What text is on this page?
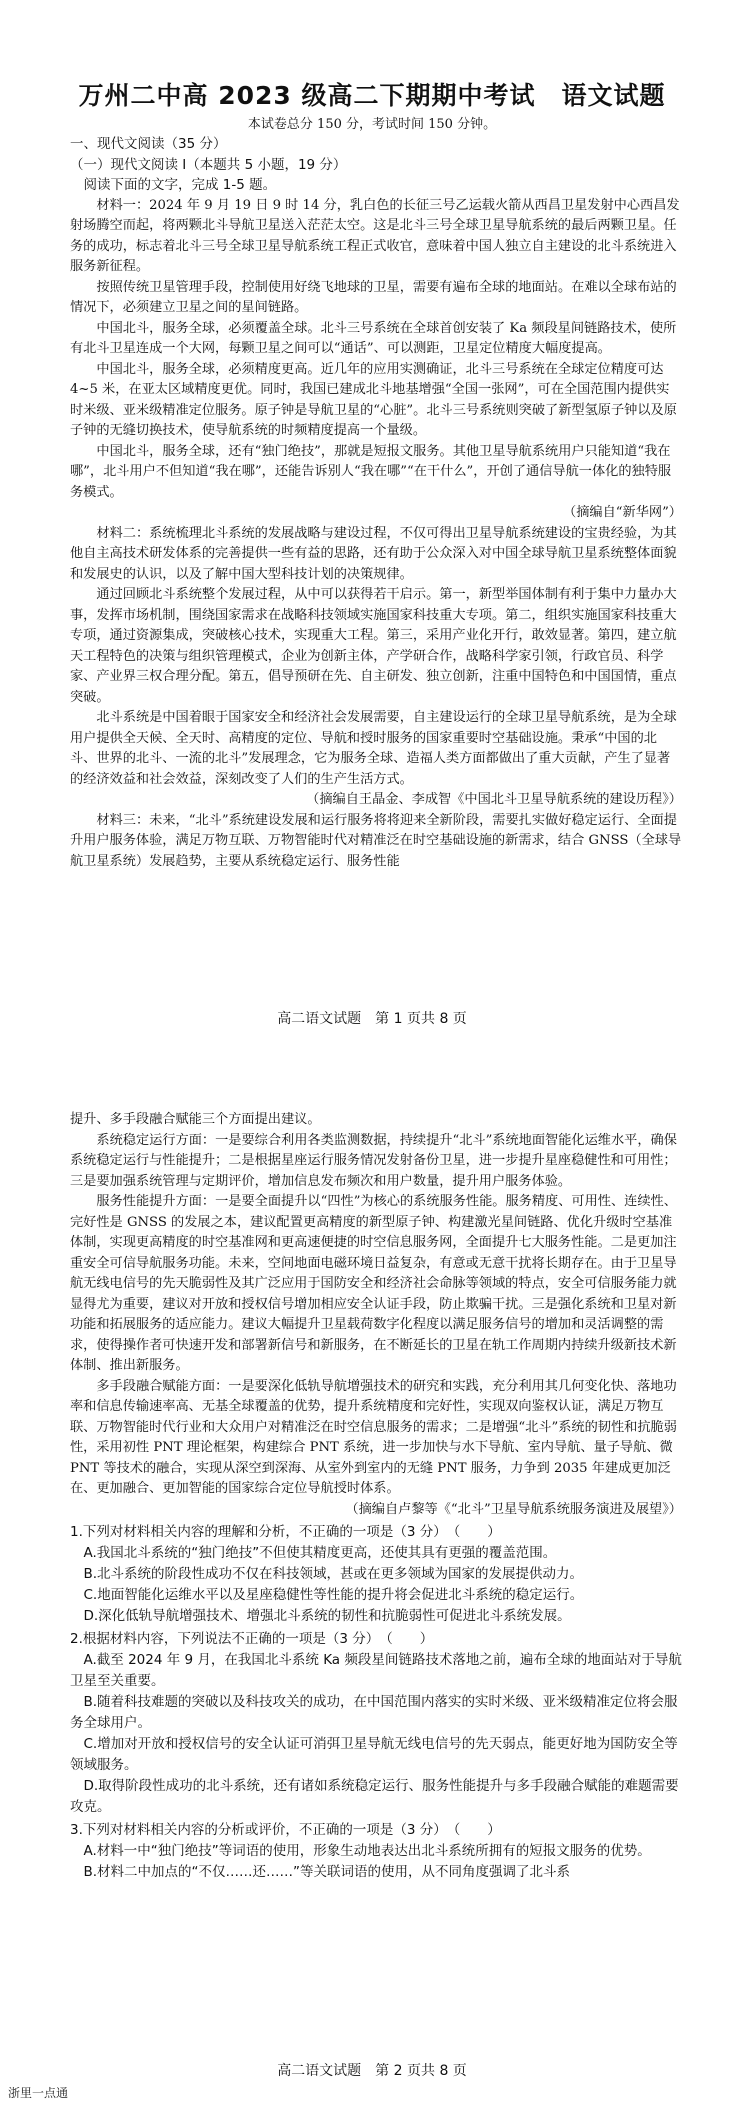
万州二中高 2023 级高二下期期中考试　语文试题
本试卷总分 150 分，考试时间 150 分钟。

一、现代文阅读（35 分）

（一）现代文阅读 I（本题共 5 小题，19 分）

阅读下面的文字，完成 1-5 题。

材料一：2024 年 9 月 19 日 9 时 14 分，乳白色的长征三号乙运载火箭从西昌卫星发射中心西昌发射场腾空而起，将两颗北斗导航卫星送入茫茫太空。这是北斗三号全球卫星导航系统的最后两颗卫星。任务的成功，标志着北斗三号全球卫星导航系统工程正式收官，意味着中国人独立自主建设的北斗系统进入服务新征程。

按照传统卫星管理手段，控制使用好绕飞地球的卫星，需要有遍布全球的地面站。在难以全球布站的情况下，必须建立卫星之间的星间链路。

中国北斗，服务全球，必须覆盖全球。北斗三号系统在全球首创安装了 Ka 频段星间链路技术，使所有北斗卫星连成一个大网，每颗卫星之间可以“通话”、可以测距，卫星定位精度大幅度提高。

中国北斗，服务全球，必须精度更高。近几年的应用实测确证，北斗三号系统在全球定位精度可达 4~5 米，在亚太区域精度更优。同时，我国已建成北斗地基增强“全国一张网”，可在全国范围内提供实时米级、亚米级精准定位服务。原子钟是导航卫星的“心脏”。北斗三号系统则突破了新型氢原子钟以及原子钟的无缝切换技术，使导航系统的时频精度提高一个量级。

中国北斗，服务全球，还有“独门绝技”，那就是短报文服务。其他卫星导航系统用户只能知道“我在哪”，北斗用户不但知道“我在哪”，还能告诉别人“我在哪”“在干什么”，开创了通信导航一体化的独特服务模式。

（摘编自“新华网”）

材料二：系统梳理北斗系统的发展战略与建设过程，不仅可得出卫星导航系统建设的宝贵经验，为其他自主高技术研发体系的完善提供一些有益的思路，还有助于公众深入对中国全球导航卫星系统整体面貌和发展史的认识，以及了解中国大型科技计划的决策规律。

通过回顾北斗系统整个发展过程，从中可以获得若干启示。第一，新型举国体制有利于集中力量办大事，发挥市场机制，围绕国家需求在战略科技领域实施国家科技重大专项。第二，组织实施国家科技重大专项，通过资源集成，突破核心技术，实现重大工程。第三，采用产业化开行，敢效显著。第四，建立航天工程特色的决策与组织管理模式，企业为创新主体，产学研合作，战略科学家引领，行政官员、科学家、产业界三权合理分配。第五，倡导预研在先、自主研发、独立创新，注重中国特色和中国国情，重点突破。

北斗系统是中国着眼于国家安全和经济社会发展需要，自主建设运行的全球卫星导航系统，是为全球用户提供全天候、全天时、高精度的定位、导航和授时服务的国家重要时空基础设施。秉承“中国的北斗、世界的北斗、一流的北斗”发展理念，它为服务全球、造福人类方面都做出了重大贡献，产生了显著的经济效益和社会效益，深刻改变了人们的生产生活方式。

（摘编自王晶金、李成智《中国北斗卫星导航系统的建设历程》）

材料三：未来，“北斗”系统建设发展和运行服务将将迎来全新阶段，需要扎实做好稳定运行、全面提升用户服务体验，满足万物互联、万物智能时代对精准泛在时空基础设施的新需求，结合 GNSS（全球导航卫星系统）发展趋势，主要从系统稳定运行、服务性能

高二语文试题　第 1 页共 8 页

提升、多手段融合赋能三个方面提出建议。

系统稳定运行方面：一是要综合利用各类监测数据，持续提升“北斗”系统地面智能化运维水平，确保系统稳定运行与性能提升；二是根据星座运行服务情况发射备份卫星，进一步提升星座稳健性和可用性；三是要加强系统管理与定期评价，增加信息发布频次和用户数量，提升用户服务体验。

服务性能提升方面：一是要全面提升以“四性”为核心的系统服务性能。服务精度、可用性、连续性、完好性是 GNSS 的发展之本，建议配置更高精度的新型原子钟、构建激光星间链路、优化升级时空基准体制，实现更高精度的时空基准网和更高速便捷的时空信息服务网，全面提升七大服务性能。二是更加注重安全可信导航服务功能。未来，空间地面电磁环境日益复杂，有意或无意干扰将长期存在。由于卫星导航无线电信号的先天脆弱性及其广泛应用于国防安全和经济社会命脉等领域的特点，安全可信服务能力就显得尤为重要，建议对开放和授权信号增加相应安全认证手段，防止欺骗干扰。三是强化系统和卫星对新功能和拓展服务的适应能力。建议大幅提升卫星载荷数字化程度以满足服务信号的增加和灵活调整的需求，使得操作者可快速开发和部署新信号和新服务，在不断延长的卫星在轨工作周期内持续升级新技术新体制、推出新服务。

多手段融合赋能方面：一是要深化低轨导航增强技术的研究和实践，充分利用其几何变化快、落地功率和信息传输速率高、无基全球覆盖的优势，提升系统精度和完好性，实现双向鉴权认证，满足万物互联、万物智能时代行业和大众用户对精准泛在时空信息服务的需求；二是增强“北斗”系统的韧性和抗脆弱性，采用初性 PNT 理论框架，构建综合 PNT 系统，进一步加快与水下导航、室内导航、量子导航、微 PNT 等技术的融合，实现从深空到深海、从室外到室内的无缝 PNT 服务，力争到 2035 年建成更加泛在、更加融合、更加智能的国家综合定位导航授时体系。

（摘编自卢黎等《“北斗”卫星导航系统服务演进及展望》）

1.下列对材料相关内容的理解和分析，不正确的一项是（3 分）　（　　）

A.我国北斗系统的“独门绝技”不但使其精度更高，还使其具有更强的覆盖范围。

B.北斗系统的阶段性成功不仅在科技领域，甚或在更多领域为国家的发展提供动力。

C.地面智能化运维水平以及星座稳健性等性能的提升将会促进北斗系统的稳定运行。

D.深化低轨导航增强技术、增强北斗系统的韧性和抗脆弱性可促进北斗系统发展。

2.根据材料内容，下列说法不正确的一项是（3 分）　（　　）

A.截至 2024 年 9 月，在我国北斗系统 Ka 频段星间链路技术落地之前，遍布全球的地面站对于导航卫星至关重要。

B.随着科技难题的突破以及科技攻关的成功，在中国范围内落实的实时米级、亚米级精准定位将会服务全球用户。

C.增加对开放和授权信号的安全认证可消弭卫星导航无线电信号的先天弱点，能更好地为国防安全等领域服务。

D.取得阶段性成功的北斗系统，还有诸如系统稳定运行、服务性能提升与多手段融合赋能的难题需要攻克。

3.下列对材料相关内容的分析或评价，不正确的一项是（3 分）　（　　）

A.材料一中“独门绝技”等词语的使用，形象生动地表达出北斗系统所拥有的短报文服务的优势。

B.材料二中加点的“不仅……还……”等关联词语的使用，从不同角度强调了北斗系

高二语文试题　第 2 页共 8 页
浙里一点通
